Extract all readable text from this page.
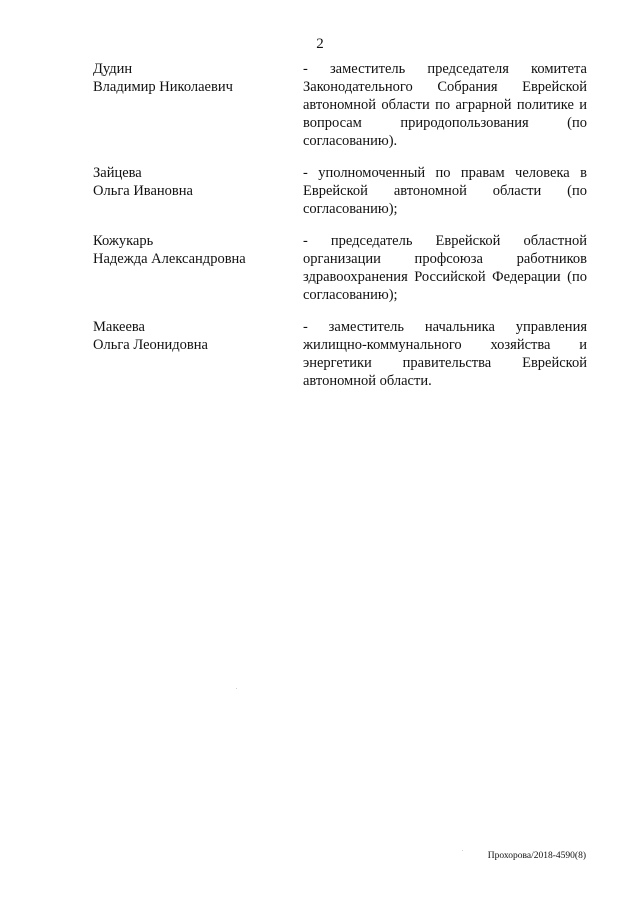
2
Дудин
Владимир Николаевич
- заместитель председателя комитета Законодательного Собрания Еврейской автономной области по аграрной политике и вопросам природопользования (по согласованию).
Зайцева
Ольга Ивановна
- уполномоченный по правам человека в Еврейской автономной области (по согласованию);
Кожукарь
Надежда Александровна
- председатель Еврейской областной организации профсоюза работников здравоохранения Российской Федерации (по согласованию);
Макеева
Ольга Леонидовна
- заместитель начальника управления жилищно-коммунального хозяйства и энергетики правительства Еврейской автономной области.
Прохорова/2018-4590(8)
